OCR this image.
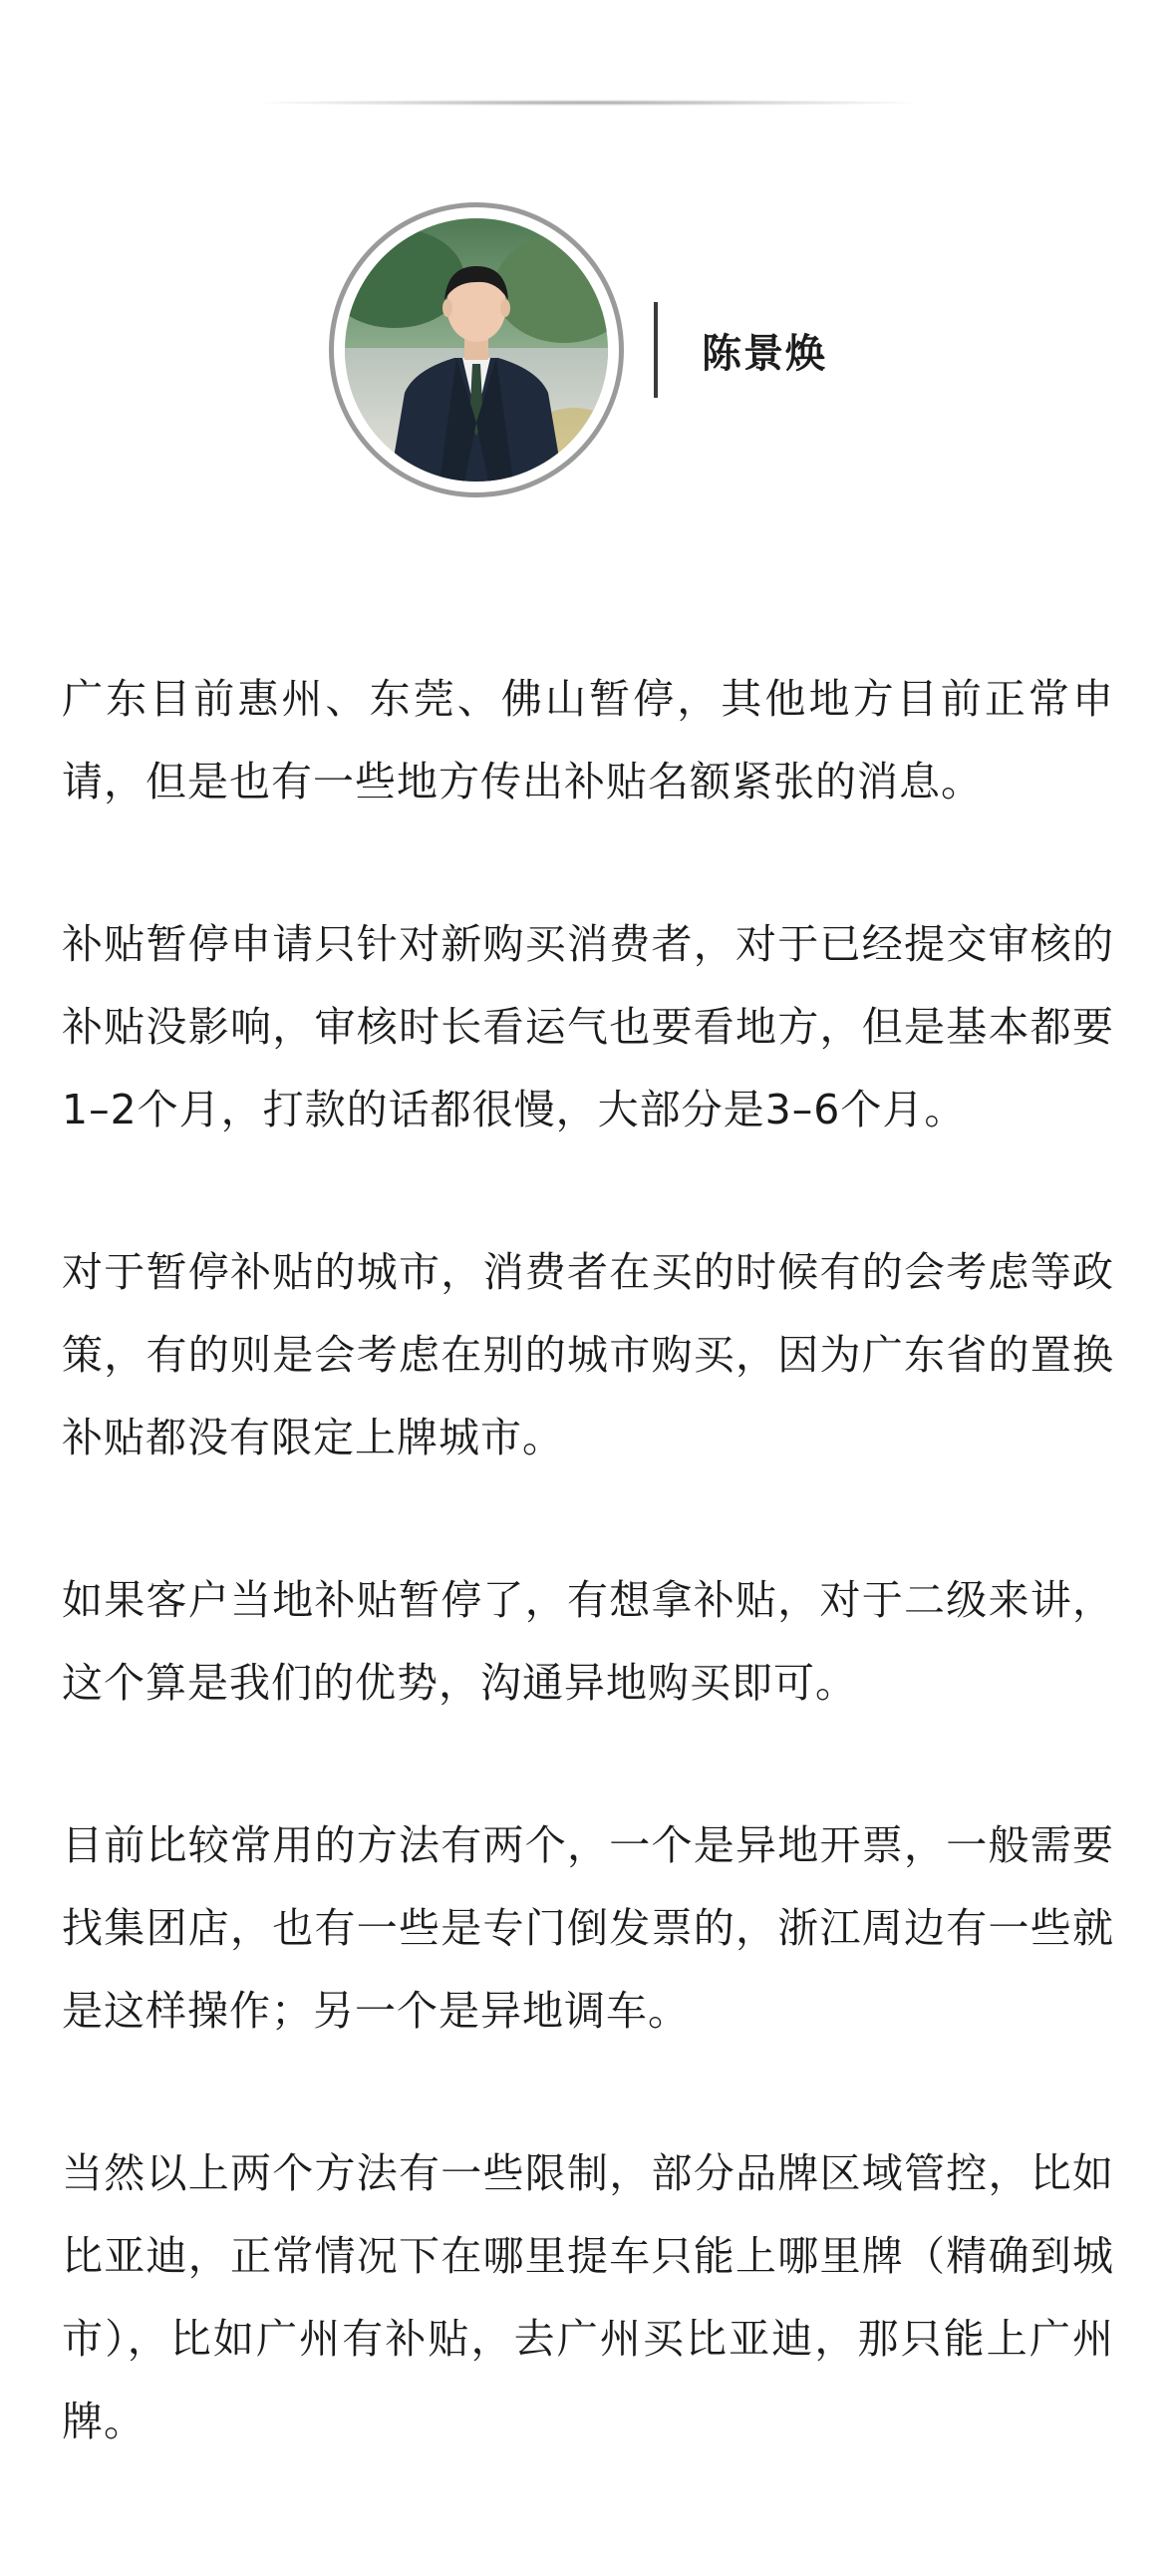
陈景焕

广东目前惠州、东莞、佛山暂停，其他地方目前正常申请，但是也有一些地方传出补贴名额紧张的消息。

补贴暂停申请只针对新购买消费者，对于已经提交审核的补贴没影响，审核时长看运气也要看地方，但是基本都要1–2个月，打款的话都很慢，大部分是3–6个月。

对于暂停补贴的城市，消费者在买的时候有的会考虑等政策，有的则是会考虑在别的城市购买，因为广东省的置换补贴都没有限定上牌城市。

如果客户当地补贴暂停了，有想拿补贴，对于二级来讲，这个算是我们的优势，沟通异地购买即可。

目前比较常用的方法有两个，一个是异地开票，一般需要找集团店，也有一些是专门倒发票的，浙江周边有一些就是这样操作；另一个是异地调车。

当然以上两个方法有一些限制，部分品牌区域管控，比如比亚迪，正常情况下在哪里提车只能上哪里牌（精确到城市），比如广州有补贴，去广州买比亚迪，那只能上广州牌。
